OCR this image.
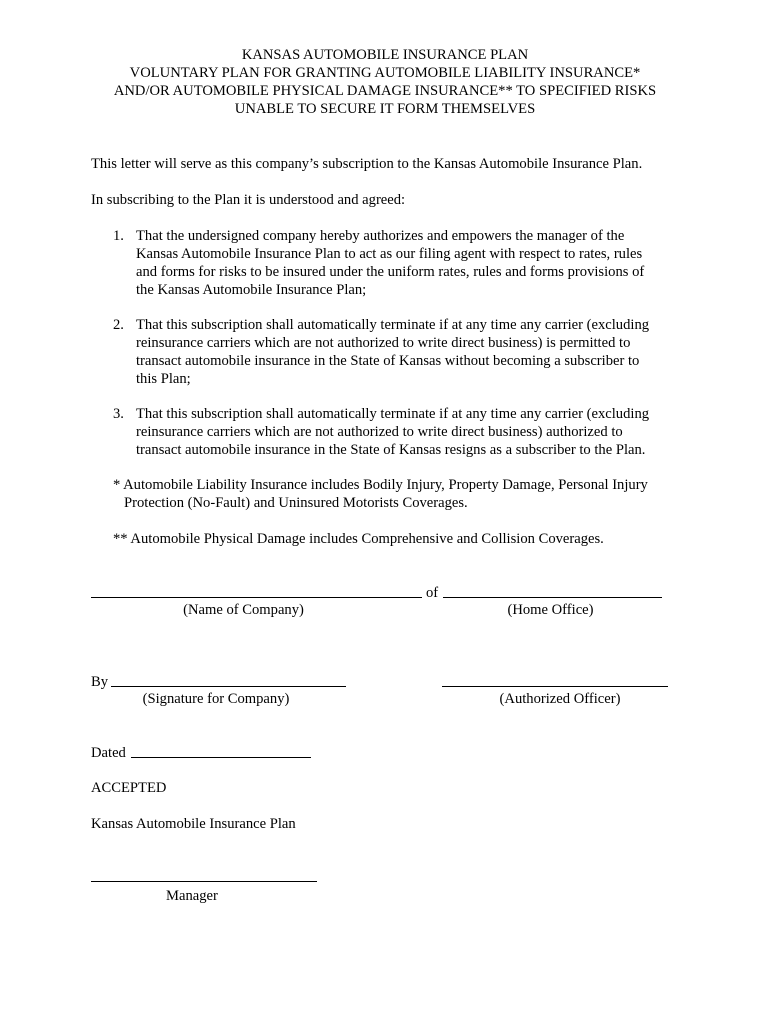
KANSAS AUTOMOBILE INSURANCE PLAN
VOLUNTARY PLAN FOR GRANTING AUTOMOBILE LIABILITY INSURANCE*
AND/OR AUTOMOBILE PHYSICAL DAMAGE INSURANCE** TO SPECIFIED RISKS
UNABLE TO SECURE IT FORM THEMSELVES
This letter will serve as this company’s subscription to the Kansas Automobile Insurance Plan.
In subscribing to the Plan it is understood and agreed:
1. That the undersigned company hereby authorizes and empowers the manager of the
Kansas Automobile Insurance Plan to act as our filing agent with respect to rates, rules
and forms for risks to be insured under the uniform rates, rules and forms provisions of
the Kansas Automobile Insurance Plan;
2. That this subscription shall automatically terminate if at any time any carrier (excluding
reinsurance carriers which are not authorized to write direct business) is permitted to
transact automobile insurance in the State of Kansas without becoming a subscriber to
this Plan;
3. That this subscription shall automatically terminate if at any time any carrier (excluding
reinsurance carriers which are not authorized to write direct business) authorized to
transact automobile insurance in the State of Kansas resigns as a subscriber to the Plan.
* Automobile Liability Insurance includes Bodily Injury, Property Damage, Personal Injury
Protection (No-Fault) and Uninsured Motorists Coverages.
** Automobile Physical Damage includes Comprehensive and Collision Coverages.
of
(Name of Company)	(Home Office)
By
(Signature for Company)	(Authorized Officer)
Dated
ACCEPTED
Kansas Automobile Insurance Plan
Manager
